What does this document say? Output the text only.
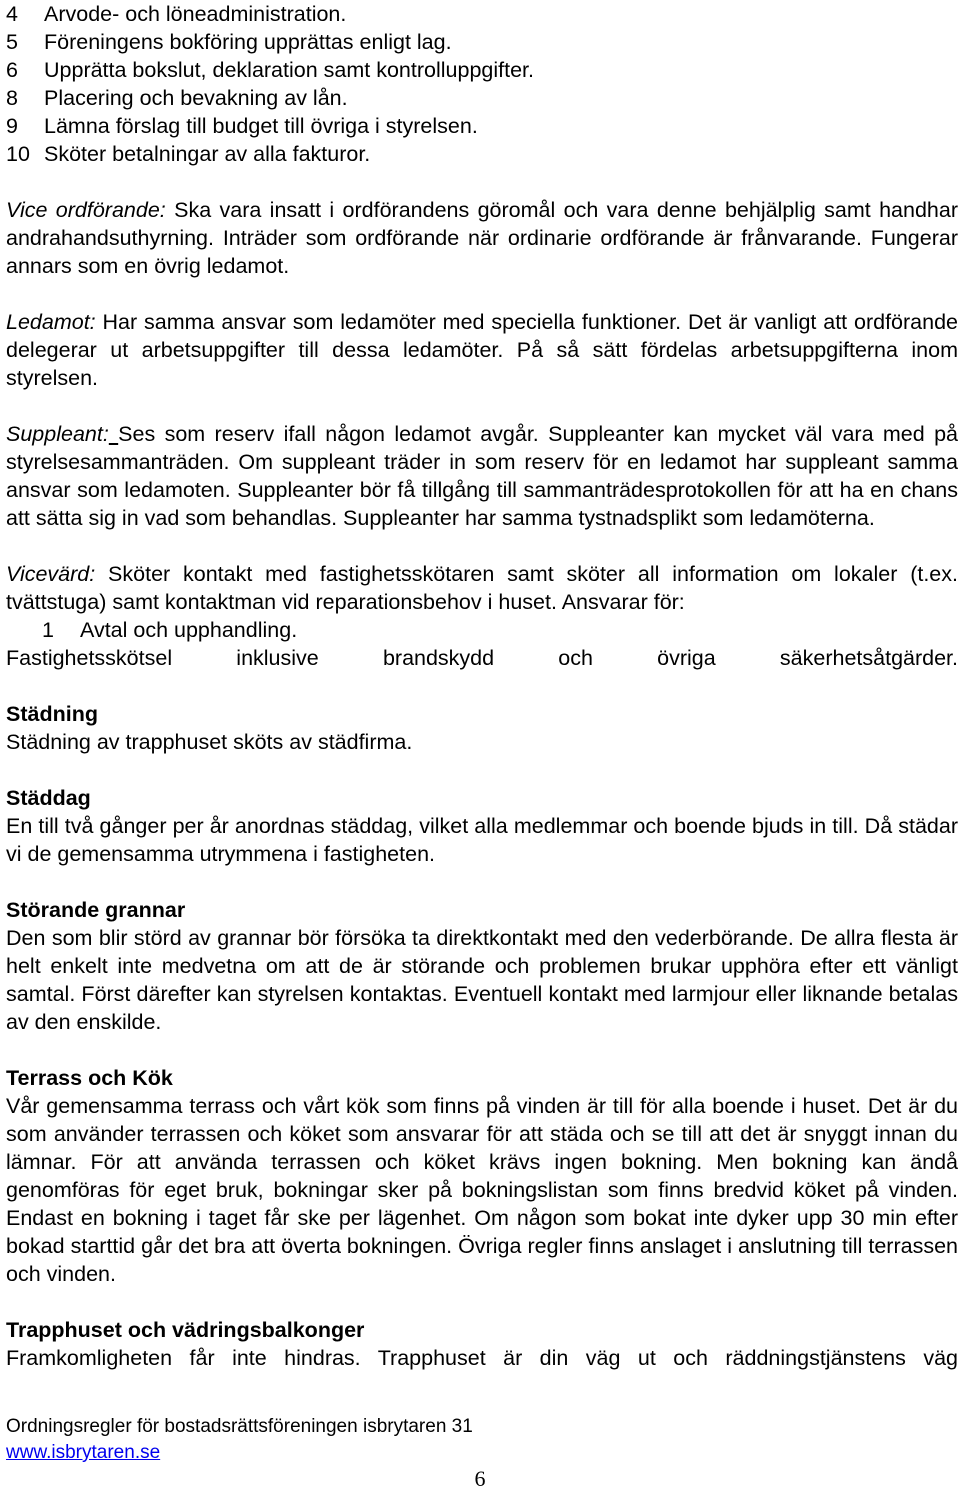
4 Arvode- och löneadministration.
5 Föreningens bokföring upprättas enligt lag.
6 Upprätta bokslut, deklaration samt kontrolluppgifter.
8 Placering och bevakning av lån.
9 Lämna förslag till budget till övriga i styrelsen.
10 Sköter betalningar av alla fakturor.

Vice ordförande: Ska vara insatt i ordförandens göromål och vara denne behjälplig samt handhar andrahandsuthyrning. Inträder som ordförande när ordinarie ordförande är frånvarande. Fungerar annars som en övrig ledamot.

Ledamot: Har samma ansvar som ledamöter med speciella funktioner. Det är vanligt att ordförande delegerar ut arbetsuppgifter till dessa ledamöter. På så sätt fördelas arbetsuppgifterna inom styrelsen.

Suppleant: Ses som reserv ifall någon ledamot avgår. Suppleanter kan mycket väl vara med på styrelsesammanträden. Om suppleant träder in som reserv för en ledamot har suppleant samma ansvar som ledamoten. Suppleanter bör få tillgång till sammanträdesprotokollen för att ha en chans att sätta sig in vad som behandlas. Suppleanter har samma tystnadsplikt som ledamöterna.

Vicevärd: Sköter kontakt med fastighetsskötaren samt sköter all information om lokaler (t.ex. tvättstuga) samt kontaktman vid reparationsbehov i huset. Ansvarar för:

1 Avtal och upphandling.

Fastighetsskötsel inklusive brandskydd och övriga säkerhetsåtgärder.

Städning

Städning av trapphuset sköts av städfirma.

Städdag

En till två gånger per år anordnas städdag, vilket alla medlemmar och boende bjuds in till. Då städar vi de gemensamma utrymmena i fastigheten.

Störande grannar

Den som blir störd av grannar bör försöka ta direktkontakt med den vederbörande. De allra flesta är helt enkelt inte medvetna om att de är störande och problemen brukar upphöra efter ett vänligt samtal. Först därefter kan styrelsen kontaktas. Eventuell kontakt med larmjour eller liknande betalas av den enskilde.

Terrass och Kök

Vår gemensamma terrass och vårt kök som finns på vinden är till för alla boende i huset. Det är du som använder terrassen och köket som ansvarar för att städa och se till att det är snyggt innan du lämnar. För att använda terrassen och köket krävs ingen bokning. Men bokning kan ändå genomföras för eget bruk, bokningar sker på bokningslistan som finns bredvid köket på vinden. Endast en bokning i taget får ske per lägenhet. Om någon som bokat inte dyker upp 30 min efter bokad starttid går det bra att överta bokningen. Övriga regler finns anslaget i anslutning till terrassen och vinden.

Trapphuset och vädringsbalkonger

Framkomligheten får inte hindras. Trapphuset är din väg ut och räddningstjänstens väg

Ordningsregler för bostadsrättsföreningen isbrytaren 31
www.isbrytaren.se
6
